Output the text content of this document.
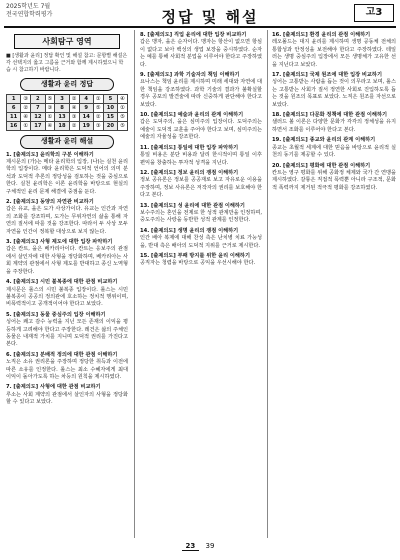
2025학년도 7월
전국연합학력평가	정답 및 해설	고3
사회탐구 영역
■ [생활과 윤리] 정답 확인 및 해설 참고: 문항별 해설은 각 선택지의 옳고 그름을 근거와 함께 제시하였으니 학습 시 참고하기 바랍니다.
생활과 윤리 정답
1	③	2	⑤	3	②	4	①	5	④
6	②	7	③	8	④	9	⑤	10	①
11	④	12	①	13	③	14	②	15	⑤
16	①	17	④	18	②	19	③	20	⑤
생활과 윤리 해설
1. [출제의도] 윤리학의 구분 이해하기
제시문의 (가)는 메타 윤리학의 입장, (나)는 실천 윤리학의 입장이다. 메타 윤리학은 도덕적 언어의 의미 분석과 도덕적 추론의 정당성을 검토하는 것을 중심으로 한다. 실천 윤리학은 이론 윤리학을 바탕으로 현실의 구체적인 윤리 문제 해결에 중점을 둔다.
2. [출제의도] 동양의 자연관 비교하기
갑은 유교, 을은 도가 사상가이다. 유교는 인간과 자연의 조화를 강조하며, 도가는 무위자연의 삶을 통해 자연의 질서에 따를 것을 강조한다. 따라서 두 사상 모두 자연을 인간이 정복할 대상으로 보지 않는다.
3. [출제의도] 사형 제도에 대한 입장 파악하기
갑은 칸트, 을은 베카리아이다. 칸트는 응보주의 관점에서 살인자에 대한 사형을 정당화하며, 베카리아는 사회 계약의 관점에서 사형 제도를 반대하고 종신 노역형을 주장한다.
4. [출제의도] 시민 불복종에 대한 관점 비교하기
제시문은 롤스의 시민 불복종 입장이다. 롤스는 시민 불복종이 공공의 정의관에 호소하는 정치적 행위이며, 비폭력적이고 공개적이어야 한다고 보았다.
5. [출제의도] 동물 중심주의 입장 이해하기
싱어는 쾌고 감수 능력을 지닌 모든 존재의 이익을 평등하게 고려해야 한다고 주장한다. 레건은 삶의 주체인 동물은 내재적 가치를 지니며 도덕적 권리를 가진다고 본다.
6. [출제의도] 분배적 정의에 대한 관점 이해하기
노직은 소유 권리론을 주장하며 정당한 취득과 이전에 따른 소유를 인정한다. 롤스는 최소 수혜자에게 최대 이익이 돌아가도록 하는 차등의 원칙을 제시하였다.
7. [출제의도] 사형에 대한 관점 비교하기
루소는 사회 계약의 관점에서 살인자의 사형을 정당화할 수 있다고 보았다.
8. [출제의도] 직업 윤리에 대한 입장 비교하기
갑은 맹자, 을은 순자이다. 맹자는 항산이 없으면 항심이 없다고 보아 백성의 생업 보장을 중시하였다. 순자는 예를 통해 사회적 분업을 이루어야 한다고 주장하였다.
9. [출제의도] 과학 기술자의 책임 이해하기
요나스는 책임 윤리를 제시하며 미래 세대와 자연에 대한 책임을 강조하였다. 과학 기술의 결과가 불확실할 경우 공포의 발견술에 따라 신중하게 판단해야 한다고 보았다.
10. [출제의도] 예술과 윤리의 관계 이해하기
갑은 도덕주의, 을은 심미주의 입장이다. 도덕주의는 예술이 도덕적 교훈을 주어야 한다고 보며, 심미주의는 예술의 자율성을 강조한다.
11. [출제의도] 통일에 대한 입장 파악하기
통일 비용은 분단 비용과 달리 한시적이며 통일 이후 편익을 창출하는 투자적 성격을 지닌다.
12. [출제의도] 정보 윤리의 쟁점 이해하기
정보 공유론은 정보를 공공재로 보고 자유로운 이용을 주장하며, 정보 사유론은 저작자의 권리를 보호해야 한다고 본다.
13. [출제의도] 성 윤리에 대한 관점 이해하기
보수주의는 혼인을 전제로 한 성적 관계만을 인정하며, 중도주의는 사랑을 동반한 성적 관계를 인정한다.
14. [출제의도] 생명 윤리의 쟁점 이해하기
인간 배아 복제에 대해 찬성 측은 난치병 치료 가능성을, 반대 측은 배아의 도덕적 지위를 근거로 제시한다.
15. [출제의도] 부패 방지를 위한 윤리 이해하기
공직자는 청렴을 바탕으로 공익을 우선시해야 한다.
16. [출제의도] 환경 윤리의 관점 이해하기
레오폴드는 대지 윤리를 제시하며 생명 공동체 전체의 통합성과 안정성을 보전해야 한다고 주장하였다. 테일러는 생명 중심주의 입장에서 모든 생명체가 고유한 선을 지닌다고 보았다.
17. [출제의도] 국제 원조에 대한 입장 비교하기
싱어는 고통받는 사람을 돕는 것이 의무라고 보며, 롤스는 고통받는 사회가 질서 정연한 사회로 진입하도록 돕는 것을 원조의 목표로 보았다. 노직은 원조를 자선으로 보았다.
18. [출제의도] 다문화 정책에 대한 관점 이해하기
샐러드 볼 이론은 다양한 문화가 각각의 정체성을 유지하면서 조화를 이루어야 한다고 본다.
19. [출제의도] 종교와 윤리의 관계 이해하기
종교는 초월적 세계에 대한 믿음을 바탕으로 윤리적 실천의 동기를 제공할 수 있다.
20. [출제의도] 평화에 대한 관점 이해하기
칸트는 영구 평화를 위해 공화정 체제와 국가 간 연맹을 제시하였다. 갈퉁은 직접적 폭력뿐 아니라 구조적, 문화적 폭력까지 제거된 적극적 평화를 강조하였다.
23 39
